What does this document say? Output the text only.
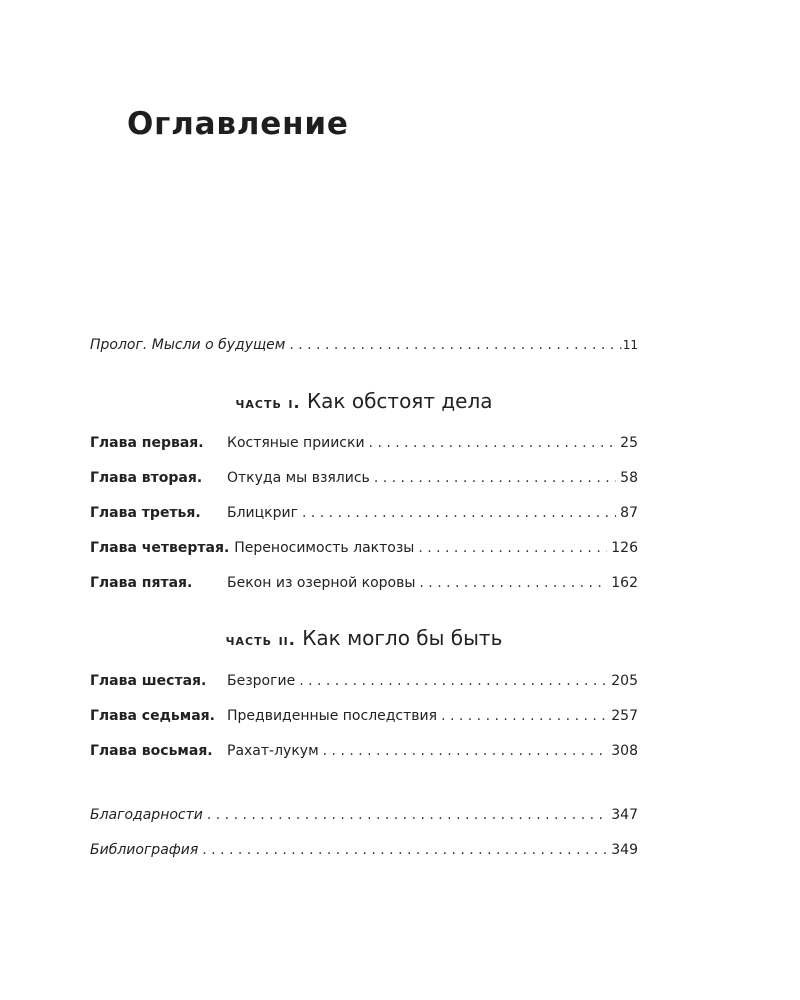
Оглавление
Пролог. Мысли о будущем . . .	.11
часть i. Как обстоят дела
Глава первая.	Костяные прииски . . .	25
Глава вторая.	Откуда мы взялись . . .	58
Глава третья.	Блицкриг . . .	87
Глава четвертая. Переносимость лактозы . . .	126
Глава пятая.	Бекон из озерной коровы . . .	162
часть ii. Как могло бы быть
Глава шестая.	Безрогие . . .	205
Глава седьмая. Предвиденные последствия . . .	257
Глава восьмая.	Рахат-лукум . . .	308
Благодарности . . .	347
Библиография . . .	349
